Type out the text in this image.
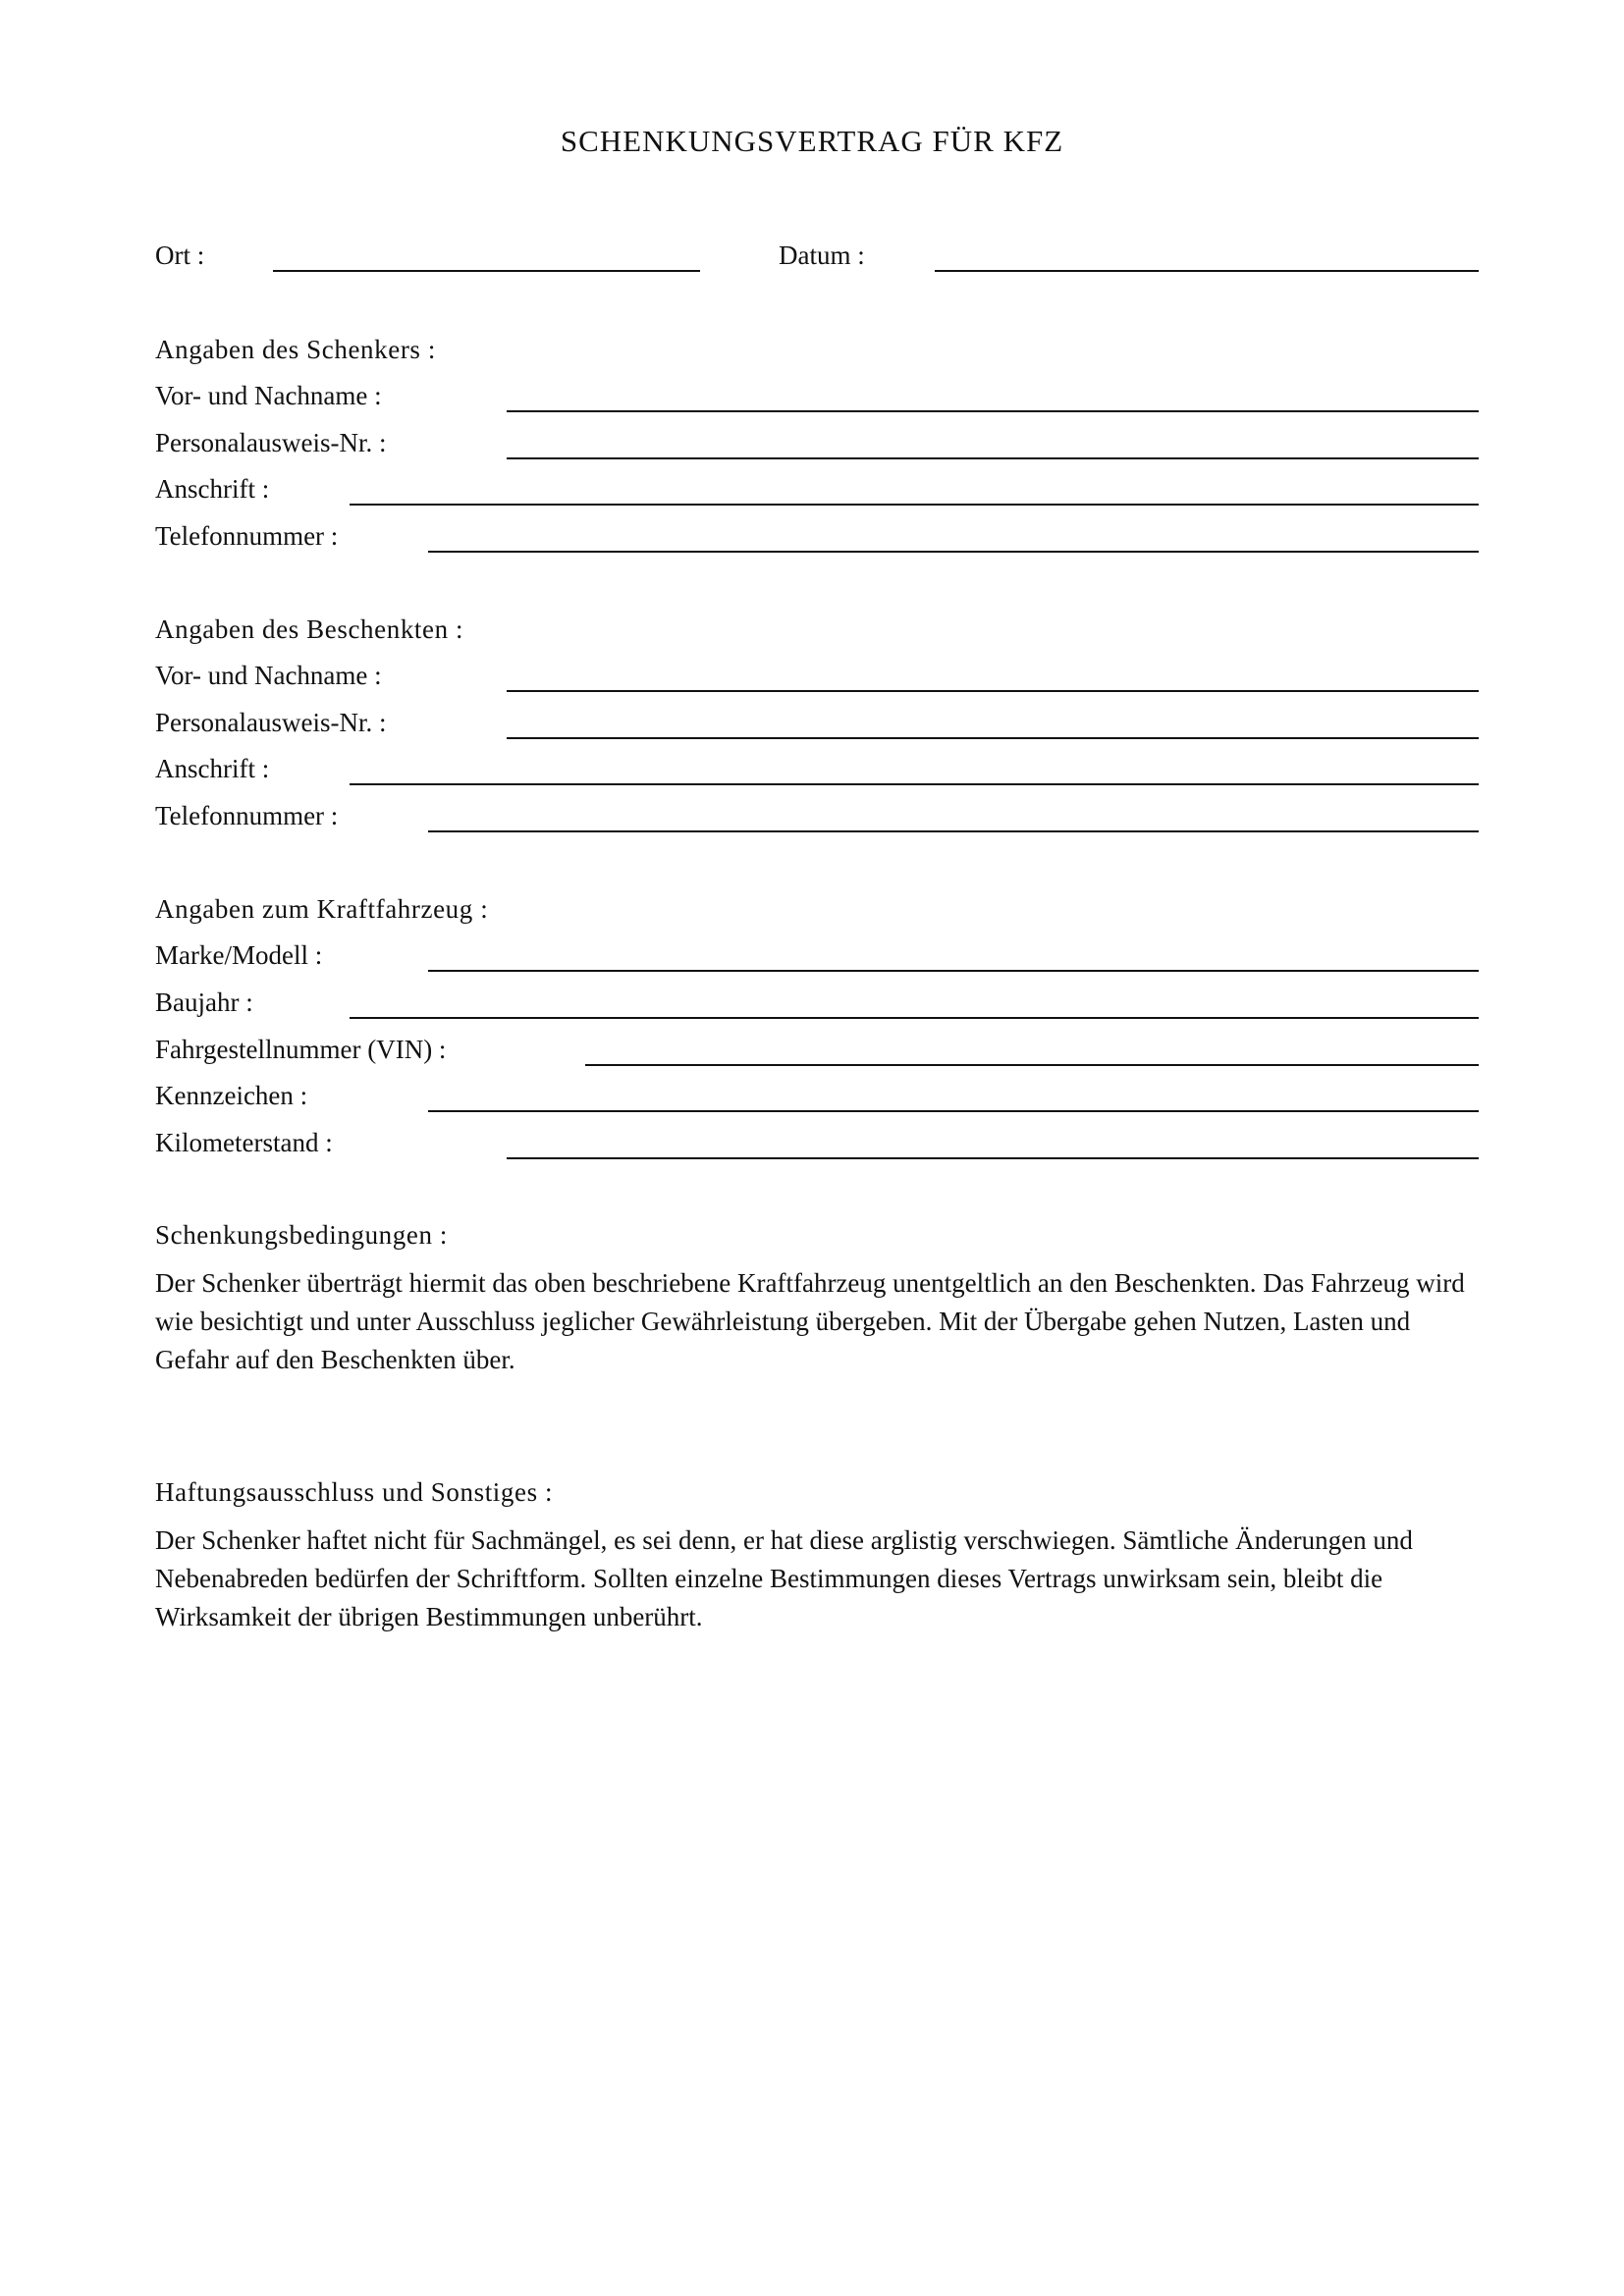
SCHENKUNGSVERTRAG FÜR KFZ
Ort :	Datum :
Angaben des Schenkers :
Vor- und Nachname :
Personalausweis-Nr. :
Anschrift :
Telefonnummer :
Angaben des Beschenkten :
Vor- und Nachname :
Personalausweis-Nr. :
Anschrift :
Telefonnummer :
Angaben zum Kraftfahrzeug :
Marke/Modell :
Baujahr :
Fahrgestellnummer (VIN) :
Kennzeichen :
Kilometerstand :
Schenkungsbedingungen :
Der Schenker überträgt hiermit das oben beschriebene Kraftfahrzeug unentgeltlich an den Beschenkten. Das Fahrzeug wird wie besichtigt und unter Ausschluss jeglicher Gewährleistung übergeben. Mit der Übergabe gehen Nutzen, Lasten und Gefahr auf den Beschenkten über.
Haftungsausschluss und Sonstiges :
Der Schenker haftet nicht für Sachmängel, es sei denn, er hat diese arglistig verschwiegen. Sämtliche Änderungen und Nebenabreden bedürfen der Schriftform. Sollten einzelne Bestimmungen dieses Vertrags unwirksam sein, bleibt die Wirksamkeit der übrigen Bestimmungen unberührt.
